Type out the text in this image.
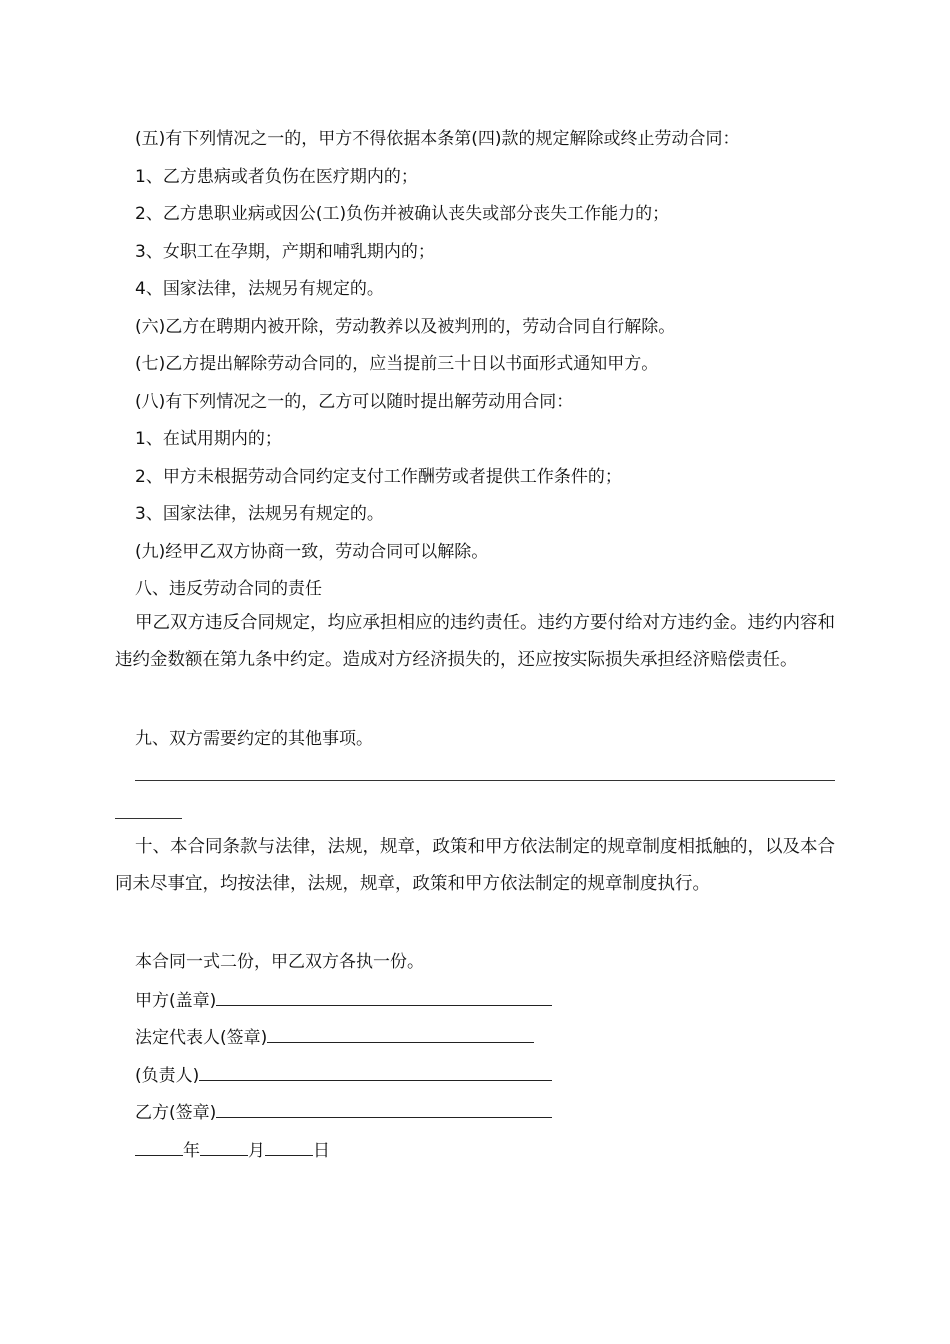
(五)有下列情况之一的，甲方不得依据本条第(四)款的规定解除或终止劳动合同：
1、乙方患病或者负伤在医疗期内的；
2、乙方患职业病或因公(工)负伤并被确认丧失或部分丧失工作能力的；
3、女职工在孕期，产期和哺乳期内的；
4、国家法律，法规另有规定的。
(六)乙方在聘期内被开除，劳动教养以及被判刑的，劳动合同自行解除。
(七)乙方提出解除劳动合同的，应当提前三十日以书面形式通知甲方。
(八)有下列情况之一的，乙方可以随时提出解劳动用合同：
1、在试用期内的；
2、甲方未根据劳动合同约定支付工作酬劳或者提供工作条件的；
3、国家法律，法规另有规定的。
(九)经甲乙双方协商一致，劳动合同可以解除。
八、违反劳动合同的责任
甲乙双方违反合同规定，均应承担相应的违约责任。违约方要付给对方违约金。违约内容和违约金数额在第九条中约定。造成对方经济损失的，还应按实际损失承担经济赔偿责任。
九、双方需要约定的其他事项。
十、本合同条款与法律，法规，规章，政策和甲方依法制定的规章制度相抵触的，以及本合同未尽事宜，均按法律，法规，规章，政策和甲方依法制定的规章制度执行。
本合同一式二份，甲乙双方各执一份。
甲方(盖章)
法定代表人(签章)
(负责人)
乙方(签章)
年	月	日
